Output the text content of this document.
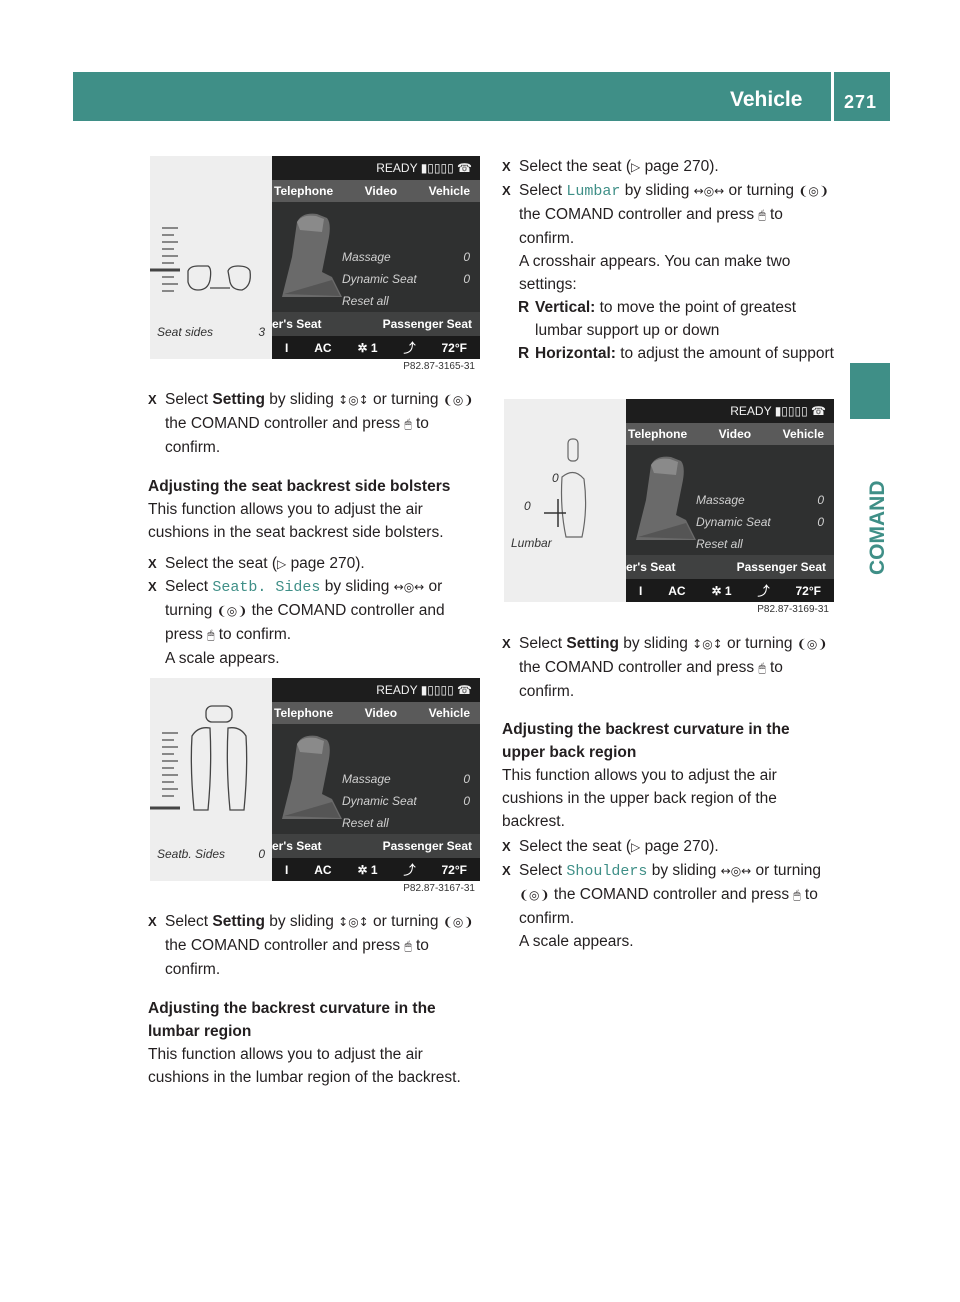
Vehicle 271
COMAND
READY ▮▯▯▯▯ ☎
Telephone	Video	Vehicle
Massage	0
Dynamic Seat	0
Reset all
er's Seat	Passenger Seat
I AC ✲ 1 ⤴ 72°F
Seat sides	3
P82.87-3165-31
READY ▮▯▯▯▯ ☎
Telephone	Video	Vehicle
Massage	0
Dynamic Seat	0
Reset all
er's Seat	Passenger Seat
I AC ✲ 1 ⤴ 72°F
Seatb. Sides	0
P82.87-3167-31
READY ▮▯▯▯▯ ☎
Telephone	Video	Vehicle
Massage	0
Dynamic Seat	0
Reset all
er's Seat	Passenger Seat
I AC ✲ 1 ⤴ 72°F
0
0
Lumbar
P82.87-3169-31
X Select Setting by sliding ↕◎↕ or turning ❨◎❩ the COMAND controller and press 🖱 to confirm.
Adjusting the seat backrest side bolsters
This function allows you to adjust the air cushions in the seat backrest side bolsters.
X Select the seat (▷ page 270).
X Select Seatb. Sides by sliding ↔◎↔ or turning ❨◎❩ the COMAND controller and press 🖱 to confirm.
A scale appears.
X Select Setting by sliding ↕◎↕ or turning ❨◎❩ the COMAND controller and press 🖱 to confirm.
Adjusting the backrest curvature in the lumbar region
This function allows you to adjust the air cushions in the lumbar region of the backrest.
X Select the seat (▷ page 270).
X Select Lumbar by sliding ↔◎↔ or turning ❨◎❩ the COMAND controller and press 🖱 to confirm.
A crosshair appears. You can make two settings:
R Vertical: to move the point of greatest lumbar support up or down
R Horizontal: to adjust the amount of support
X Select Setting by sliding ↕◎↕ or turning ❨◎❩ the COMAND controller and press 🖱 to confirm.
Adjusting the backrest curvature in the upper back region
This function allows you to adjust the air cushions in the upper back region of the backrest.
X Select the seat (▷ page 270).
X Select Shoulders by sliding ↔◎↔ or turning ❨◎❩ the COMAND controller and press 🖱 to confirm.
A scale appears.
